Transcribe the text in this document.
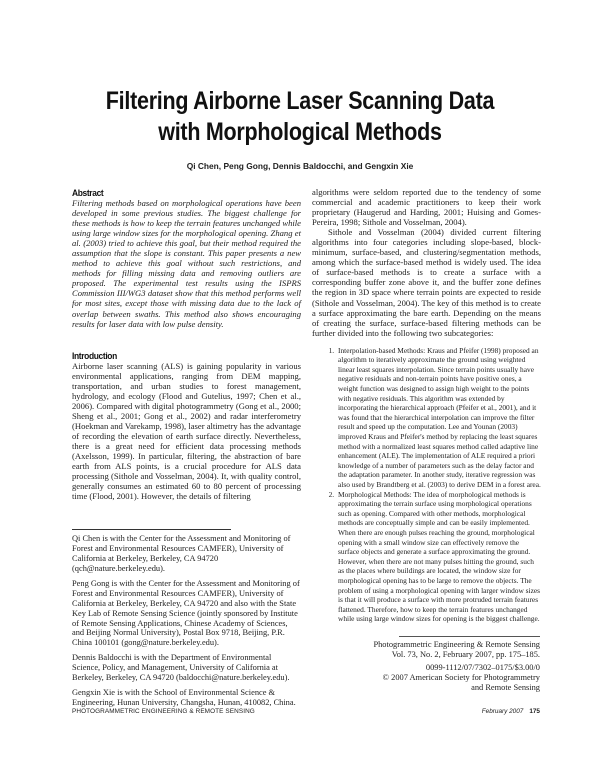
Filtering Airborne Laser Scanning Data
with Morphological Methods
Qi Chen, Peng Gong, Dennis Baldocchi, and Gengxin Xie
Abstract
Filtering methods based on morphological operations have been developed in some previous studies. The biggest challenge for these methods is how to keep the terrain features unchanged while using large window sizes for the morphological opening. Zhang et al. (2003) tried to achieve this goal, but their method required the assumption that the slope is constant. This paper presents a new method to achieve this goal without such restrictions, and methods for filling missing data and removing outliers are proposed. The experimental test results using the ISPRS Commission III/WG3 dataset show that this method performs well for most sites, except those with missing data due to the lack of overlap between swaths. This method also shows encouraging results for laser data with low pulse density.
Introduction
Airborne laser scanning (ALS) is gaining popularity in various environmental applications, ranging from DEM mapping, transportation, and urban studies to forest management, hydrology, and ecology (Flood and Gutelius, 1997; Chen et al., 2006). Compared with digital photogrammetry (Gong et al., 2000; Sheng et al., 2001; Gong et al., 2002) and radar interferometry (Hoekman and Varekamp, 1998), laser altimetry has the advantage of recording the elevation of earth surface directly. Nevertheless, there is a great need for efficient data processing methods (Axelsson, 1999). In particular, filtering, the abstraction of bare earth from ALS points, is a crucial procedure for ALS data processing (Sithole and Vosselman, 2004). It, with quality control, generally consumes an estimated 60 to 80 percent of processing time (Flood, 2001). However, the details of filtering
Qi Chen is with the Center for the Assessment and Monitoring of Forest and Environmental Resources CAMFER), University of California at Berkeley, Berkeley, CA 94720 (qch@nature.berkeley.edu).
Peng Gong is with the Center for the Assessment and Monitoring of Forest and Environmental Resources CAMFER), University of California at Berkeley, Berkeley, CA 94720 and also with the State Key Lab of Remote Sensing Science (jointly sponsored by Institute of Remote Sensing Applications, Chinese Academy of Sciences, and Beijing Normal University), Postal Box 9718, Beijing, P.R. China 100101 (gong@nature.berkeley.edu).
Dennis Baldocchi is with the Department of Environmental Science, Policy, and Management, University of California at Berkeley, Berkeley, CA 94720 (baldocchi@nature.berkeley.edu).
Gengxin Xie is with the School of Environmental Science & Engineering, Hunan University, Changsha, Hunan, 410082, China.
algorithms were seldom reported due to the tendency of some commercial and academic practitioners to keep their work proprietary (Haugerud and Harding, 2001; Huising and Gomes-Pereira, 1998; Sithole and Vosselman, 2004).
Sithole and Vosselman (2004) divided current filtering algorithms into four categories including slope-based, block-minimum, surface-based, and clustering/segmentation methods, among which the surface-based method is widely used. The idea of surface-based methods is to create a surface with a corresponding buffer zone above it, and the buffer zone defines the region in 3D space where terrain points are expected to reside (Sithole and Vosselman, 2004). The key of this method is to create a surface approximating the bare earth. Depending on the means of creating the surface, surface-based filtering methods can be further divided into the following two subcategories:
1. Interpolation-based Methods: Kraus and Pfeifer (1998) proposed an algorithm to iteratively approximate the ground using weighted linear least squares interpolation. Since terrain points usually have negative residuals and non-terrain points have positive ones, a weight function was designed to assign high weight to the points with negative residuals. This algorithm was extended by incorporating the hierarchical approach (Pfeifer et al., 2001), and it was found that the hierarchical interpolation can improve the filter result and speed up the computation. Lee and Younan (2003) improved Kraus and Pfeifer's method by replacing the least squares method with a normalized least squares method called adaptive line enhancement (ALE). The implementation of ALE required a priori knowledge of a number of parameters such as the delay factor and the adaptation parameter. In another study, iterative regression was also used by Brandtberg et al. (2003) to derive DEM in a forest area.
2. Morphological Methods: The idea of morphological methods is approximating the terrain surface using morphological operations such as opening. Compared with other methods, morphological methods are conceptually simple and can be easily implemented. When there are enough pulses reaching the ground, morphological opening with a small window size can effectively remove the surface objects and generate a surface approximating the ground. However, when there are not many pulses hitting the ground, such as the places where buildings are located, the window size for morphological opening has to be large to remove the objects. The problem of using a morphological opening with larger window sizes is that it will produce a surface with more protruded terrain features flattened. Therefore, how to keep the terrain features unchanged while using large window sizes for opening is the biggest challenge.
Photogrammetric Engineering & Remote Sensing
Vol. 73, No. 2, February 2007, pp. 175–185.
0099-1112/07/7302–0175/$3.00/0
© 2007 American Society for Photogrammetry
and Remote Sensing
PHOTOGRAMMETRIC ENGINEERING & REMOTE SENSING	February 2007 175
